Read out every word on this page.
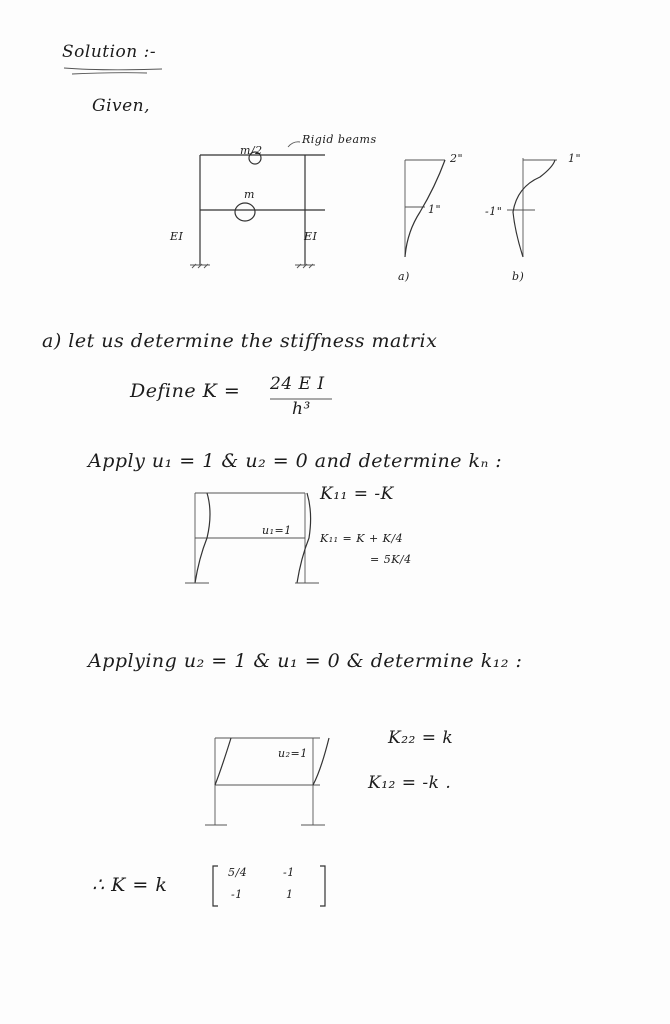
Solution :-
Given,
m/2
m
Rigid beams
EI	EI
2"
1"
a)
1"
-1"
b)
a) let us determine the stiffness matrix
Define K = 24 E I
h³
Apply u₁ = 1 & u₂ = 0 and determine kₙ :
u₁=1
K₁₁ = -K
K₁₁ = K + K/4
= 5K/4
Applying u₂ = 1 & u₁ = 0 & determine k₁₂ :
u₂=1
K₂₂ = k
K₁₂ = -k .
∴ K = k
5/4	-1
-1	1
